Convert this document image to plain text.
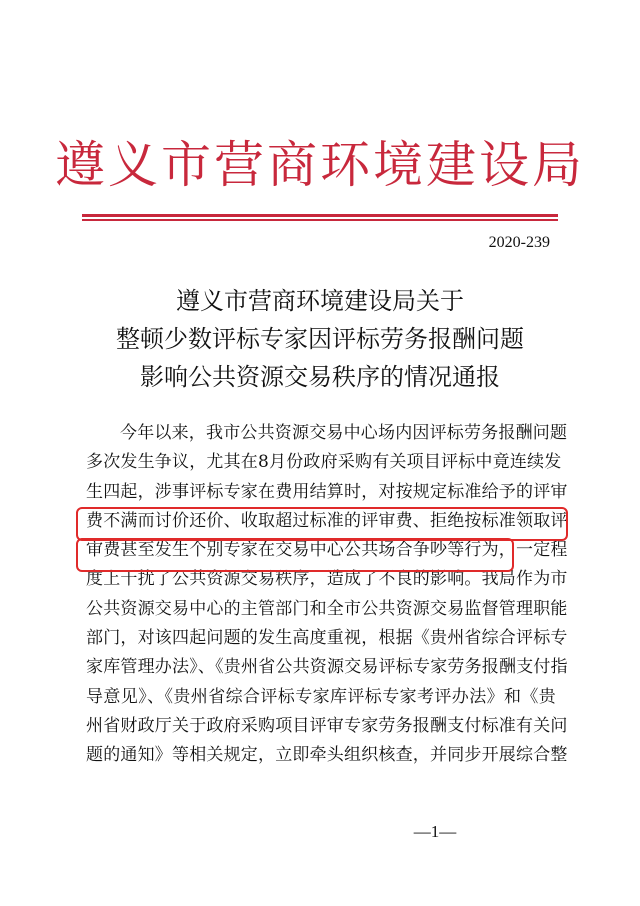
遵义市营商环境建设局
2020-239
遵义市营商环境建设局关于
整顿少数评标专家因评标劳务报酬问题
影响公共资源交易秩序的情况通报
今年以来，我市公共资源交易中心场内因评标劳务报酬问题
多次发生争议，尤其在8月份政府采购有关项目评标中竟连续发
生四起，涉事评标专家在费用结算时，对按规定标准给予的评审
费不满而讨价还价、收取超过标准的评审费、拒绝按标准领取评
审费甚至发生个别专家在交易中心公共场合争吵等行为，一定程
度上干扰了公共资源交易秩序，造成了不良的影响。我局作为市
公共资源交易中心的主管部门和全市公共资源交易监督管理职能
部门，对该四起问题的发生高度重视，根据《贵州省综合评标专
家库管理办法》、《贵州省公共资源交易评标专家劳务报酬支付指
导意见》、《贵州省综合评标专家库评标专家考评办法》和《贵
州省财政厅关于政府采购项目评审专家劳务报酬支付标准有关问
题的通知》等相关规定，立即牵头组织核查，并同步开展综合整
—1—
